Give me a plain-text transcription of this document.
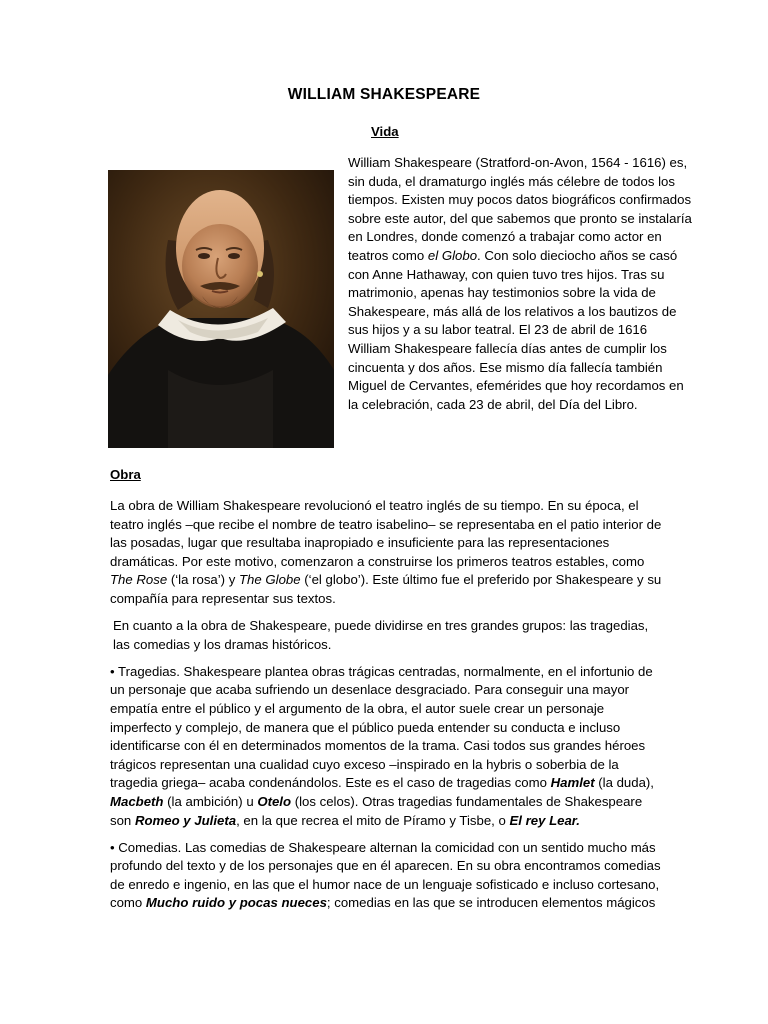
WILLIAM SHAKESPEARE
Vida

William Shakespeare (Stratford-on-Avon, 1564 - 1616) es, sin duda, el dramaturgo inglés más célebre de todos los tiempos. Existen muy pocos datos biográficos confirmados sobre este autor, del que sabemos que pronto se instalaría en Londres, donde comenzó a trabajar como actor en teatros como el Globo. Con solo dieciocho años se casó con Anne Hathaway, con quien tuvo tres hijos. Tras su matrimonio, apenas hay testimonios sobre la vida de Shakespeare, más allá de los relativos a los bautizos de sus hijos y a su labor teatral. El 23 de abril de 1616 William Shakespeare fallecía días antes de cumplir los cincuenta y dos años. Ese mismo día fallecía también Miguel de Cervantes, efemérides que hoy recordamos en la celebración, cada 23 de abril, del Día del Libro.

Obra

La obra de William Shakespeare revolucionó el teatro inglés de su tiempo. En su época, el teatro inglés –que recibe el nombre de teatro isabelino– se representaba en el patio interior de las posadas, lugar que resultaba inapropiado e insuficiente para las representaciones dramáticas. Por este motivo, comenzaron a construirse los primeros teatros estables, como The Rose (‘la rosa’) y The Globe (‘el globo’). Este último fue el preferido por Shakespeare y su compañía para representar sus textos.

En cuanto a la obra de Shakespeare, puede dividirse en tres grandes grupos: las tragedias, las comedias y los dramas históricos.

• Tragedias. Shakespeare plantea obras trágicas centradas, normalmente, en el infortunio de un personaje que acaba sufriendo un desenlace desgraciado. Para conseguir una mayor empatía entre el público y el argumento de la obra, el autor suele crear un personaje imperfecto y complejo, de manera que el público pueda entender su conducta e incluso identificarse con él en determinados momentos de la trama. Casi todos sus grandes héroes trágicos representan una cualidad cuyo exceso –inspirado en la hybris o soberbia de la tragedia griega– acaba condenándolos. Este es el caso de tragedias como Hamlet (la duda), Macbeth (la ambición) u Otelo (los celos). Otras tragedias fundamentales de Shakespeare son Romeo y Julieta, en la que recrea el mito de Píramo y Tisbe, o El rey Lear.

• Comedias. Las comedias de Shakespeare alternan la comicidad con un sentido mucho más profundo del texto y de los personajes que en él aparecen. En su obra encontramos comedias de enredo e ingenio, en las que el humor nace de un lenguaje sofisticado e incluso cortesano, como Mucho ruido y pocas nueces; comedias en las que se introducen elementos mágicos
